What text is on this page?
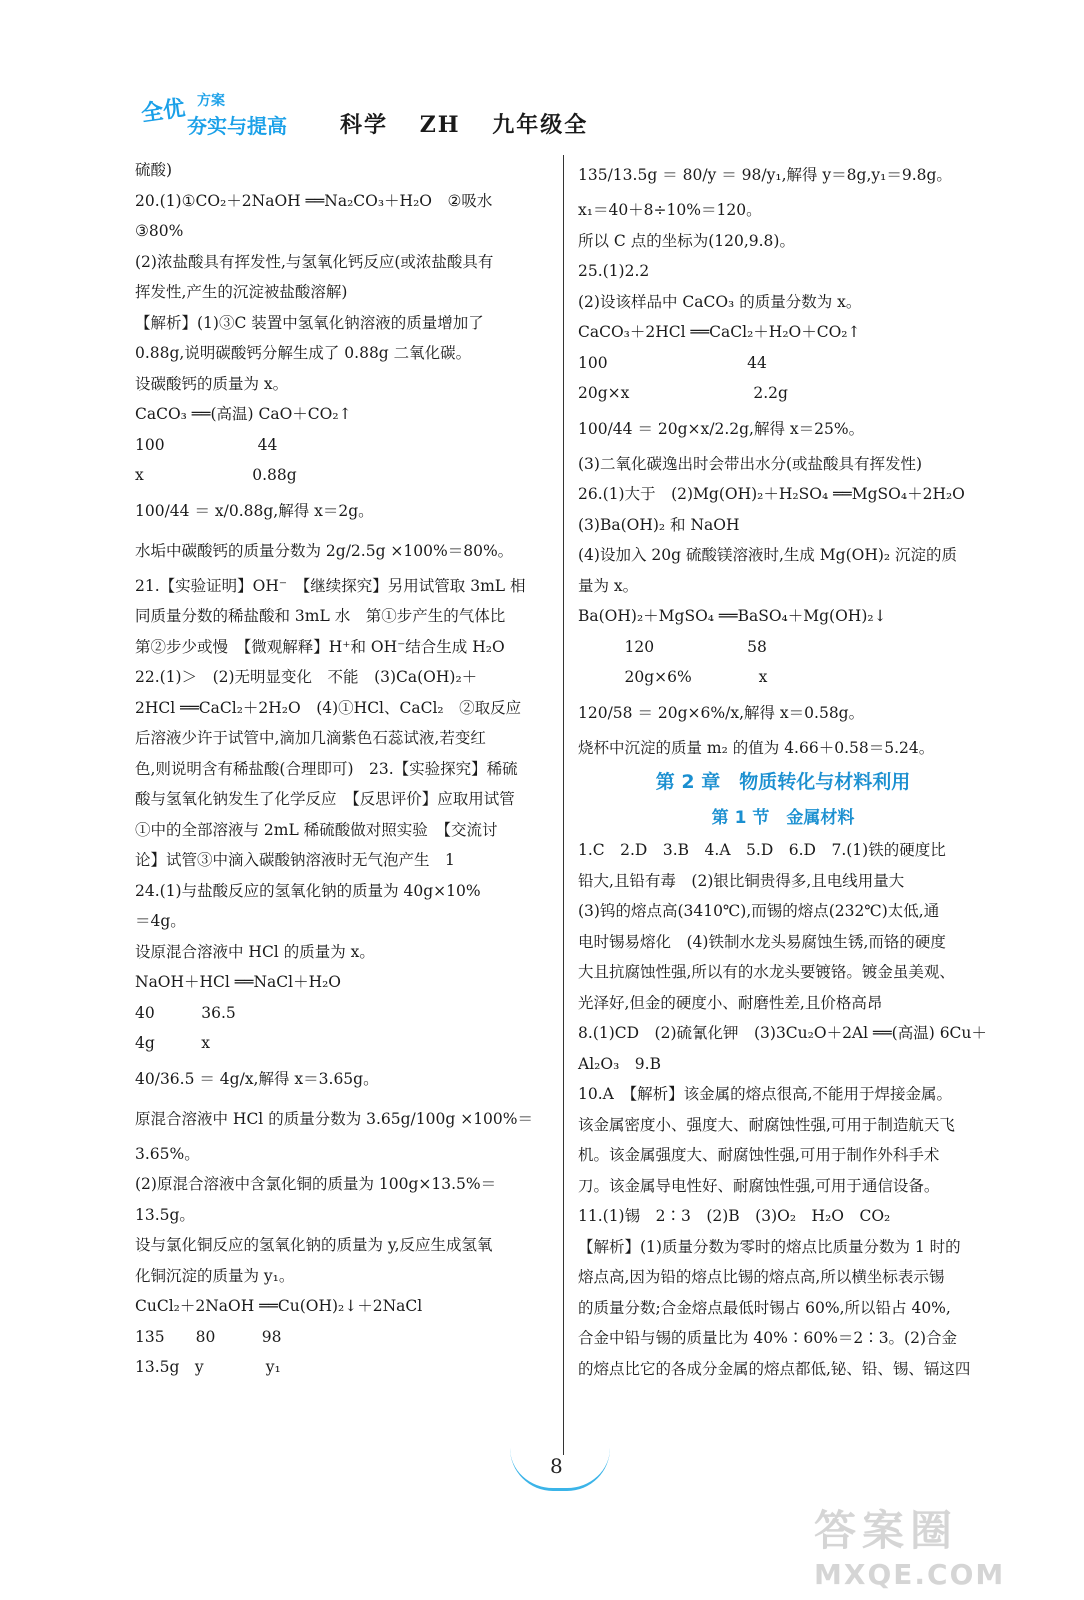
全优 方案
夯实与提高 科学 ZH 九年级全
硫酸)
20.(1)①CO₂＋2NaOH ══Na₂CO₃＋H₂O　②吸水
③80%
(2)浓盐酸具有挥发性,与氢氧化钙反应(或浓盐酸具有
挥发性,产生的沉淀被盐酸溶解)
【解析】(1)③C 装置中氢氧化钠溶液的质量增加了
0.88g,说明碳酸钙分解生成了 0.88g 二氧化碳。
设碳酸钙的质量为 x。
CaCO₃ ══(高温) CaO＋CO₂↑
100　　　　　　44
x　　　　　　　0.88g
100/44 ＝ x/0.88g,解得 x＝2g。
水垢中碳酸钙的质量分数为 2g/2.5g ×100%＝80%。
21.【实验证明】OH⁻　【继续探究】另用试管取 3mL 相
同质量分数的稀盐酸和 3mL 水　第①步产生的气体比
第②步少或慢　【微观解释】H⁺和 OH⁻结合生成 H₂O
22.(1)＞　(2)无明显变化　不能　(3)Ca(OH)₂＋
2HCl ══CaCl₂＋2H₂O　(4)①HCl、CaCl₂　②取反应
后溶液少许于试管中,滴加几滴紫色石蕊试液,若变红
色,则说明含有稀盐酸(合理即可)　23.【实验探究】稀硫
酸与氢氧化钠发生了化学反应　【反思评价】应取用试管
①中的全部溶液与 2mL 稀硫酸做对照实验　【交流讨
论】试管③中滴入碳酸钠溶液时无气泡产生　1
24.(1)与盐酸反应的氢氧化钠的质量为 40g×10%
＝4g。
设原混合溶液中 HCl 的质量为 x。
NaOH＋HCl ══NaCl＋H₂O
40　　　36.5
4g　　　x
40/36.5 ＝ 4g/x,解得 x＝3.65g。
原混合溶液中 HCl 的质量分数为 3.65g/100g ×100%＝
3.65%。
(2)原混合溶液中含氯化铜的质量为 100g×13.5%＝
13.5g。
设与氯化铜反应的氢氧化钠的质量为 y,反应生成氢氧
化铜沉淀的质量为 y₁。
CuCl₂＋2NaOH ══Cu(OH)₂↓＋2NaCl
135　　80　　　98
13.5g　y　　　　y₁
135/13.5g ＝ 80/y ＝ 98/y₁,解得 y＝8g,y₁＝9.8g。
x₁＝40＋8÷10%＝120。
所以 C 点的坐标为(120,9.8)。
25.(1)2.2
(2)设该样品中 CaCO₃ 的质量分数为 x。
CaCO₃＋2HCl ══CaCl₂＋H₂O＋CO₂↑
100　　　　　　　　　44
20g×x　　　　　　　　2.2g
100/44 ＝ 20g×x/2.2g,解得 x＝25%。
(3)二氧化碳逸出时会带出水分(或盐酸具有挥发性)
26.(1)大于　(2)Mg(OH)₂＋H₂SO₄ ══MgSO₄＋2H₂O
(3)Ba(OH)₂ 和 NaOH
(4)设加入 20g 硫酸镁溶液时,生成 Mg(OH)₂ 沉淀的质
量为 x。
Ba(OH)₂＋MgSO₄ ══BaSO₄＋Mg(OH)₂↓
　　　120　　　　　　58
　　　20g×6%　　　　 x
120/58 ＝ 20g×6%/x,解得 x＝0.58g。
烧杯中沉淀的质量 m₂ 的值为 4.66＋0.58＝5.24。
第 2 章　物质转化与材料利用
第 1 节　金属材料
1.C　2.D　3.B　4.A　5.D　6.D　7.(1)铁的硬度比
铅大,且铅有毒　(2)银比铜贵得多,且电线用量大
(3)钨的熔点高(3410℃),而锡的熔点(232℃)太低,通
电时锡易熔化　(4)铁制水龙头易腐蚀生锈,而铬的硬度
大且抗腐蚀性强,所以有的水龙头要镀铬。镀金虽美观、
光泽好,但金的硬度小、耐磨性差,且价格高昂
8.(1)CD　(2)硫氰化钾　(3)3Cu₂O＋2Al ══(高温) 6Cu＋
Al₂O₃　9.B
10.A　【解析】该金属的熔点很高,不能用于焊接金属。
该金属密度小、强度大、耐腐蚀性强,可用于制造航天飞
机。该金属强度大、耐腐蚀性强,可用于制作外科手术
刀。该金属导电性好、耐腐蚀性强,可用于通信设备。
11.(1)锡　2∶3　(2)B　(3)O₂　H₂O　CO₂
【解析】(1)质量分数为零时的熔点比质量分数为 1 时的
熔点高,因为铅的熔点比锡的熔点高,所以横坐标表示锡
的质量分数;合金熔点最低时锡占 60%,所以铅占 40%,
合金中铅与锡的质量比为 40%∶60%＝2∶3。(2)合金
的熔点比它的各成分金属的熔点都低,铋、铅、锡、镉这四
8
答案圈
MXQE.COM
